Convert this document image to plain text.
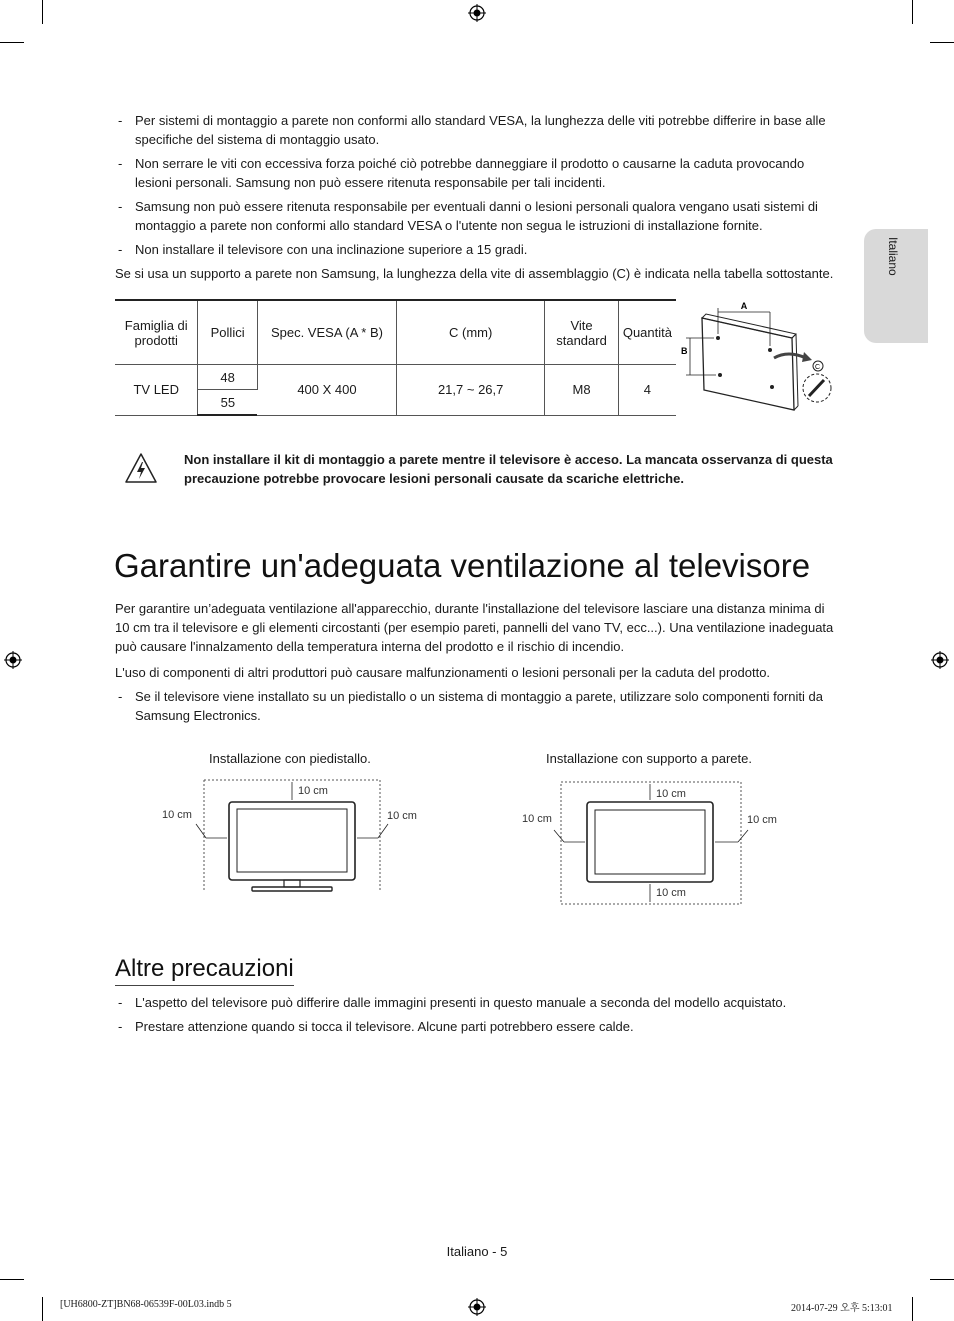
Italiano
- Per sistemi di montaggio a parete non conformi allo standard VESA, la lunghezza delle viti potrebbe differire in base alle specifiche del sistema di montaggio usato.
- Non serrare le viti con eccessiva forza poiché ciò potrebbe danneggiare il prodotto o causarne la caduta provocando lesioni personali. Samsung non può essere ritenuta responsabile per tali incidenti.
- Samsung non può essere ritenuta responsabile per eventuali danni o lesioni personali qualora vengano usati sistemi di montaggio a parete non conformi allo standard VESA o l'utente non segua le istruzioni di installazione fornite.
- Non installare il televisore con una inclinazione superiore a 15 gradi.
Se si usa un supporto a parete non Samsung, la lunghezza della vite di assemblaggio (C) è indicata nella tabella sottostante.
Famiglia di prodotti	Pollici	Spec. VESA (A * B)	C (mm)	Vite standard	Quantità
TV LED	48	400 X 400	21,7 ~ 26,7	M8	4
	55				
A
B
C
Non installare il kit di montaggio a parete mentre il televisore è acceso. La mancata osservanza di questa precauzione potrebbe provocare lesioni personali causate da scariche elettriche.
Garantire un'adeguata ventilazione al televisore
Per garantire un’adeguata ventilazione all'apparecchio, durante l'installazione del televisore lasciare una distanza minima di 10 cm tra il televisore e gli elementi circostanti (per esempio pareti, pannelli del vano TV, ecc...). Una ventilazione inadeguata può causare l'innalzamento della temperatura interna del prodotto e il rischio di incendio.
L'uso di componenti di altri produttori può causare malfunzionamenti o lesioni personali per la caduta del prodotto.
- Se il televisore viene installato su un piedistallo o un sistema di montaggio a parete, utilizzare solo componenti forniti da Samsung Electronics.
Installazione con piedistallo.	Installazione con supporto a parete.
10 cm
10 cm	10 cm
10 cm
10 cm
10 cm	10 cm
Altre precauzioni
- L'aspetto del televisore può differire dalle immagini presenti in questo manuale a seconda del modello acquistato.
- Prestare attenzione quando si tocca il televisore. Alcune parti potrebbero essere calde.
Italiano - 5
[UH6800-ZT]BN68-06539F-00L03.indb 5	2014-07-29 오후 5:13:01
